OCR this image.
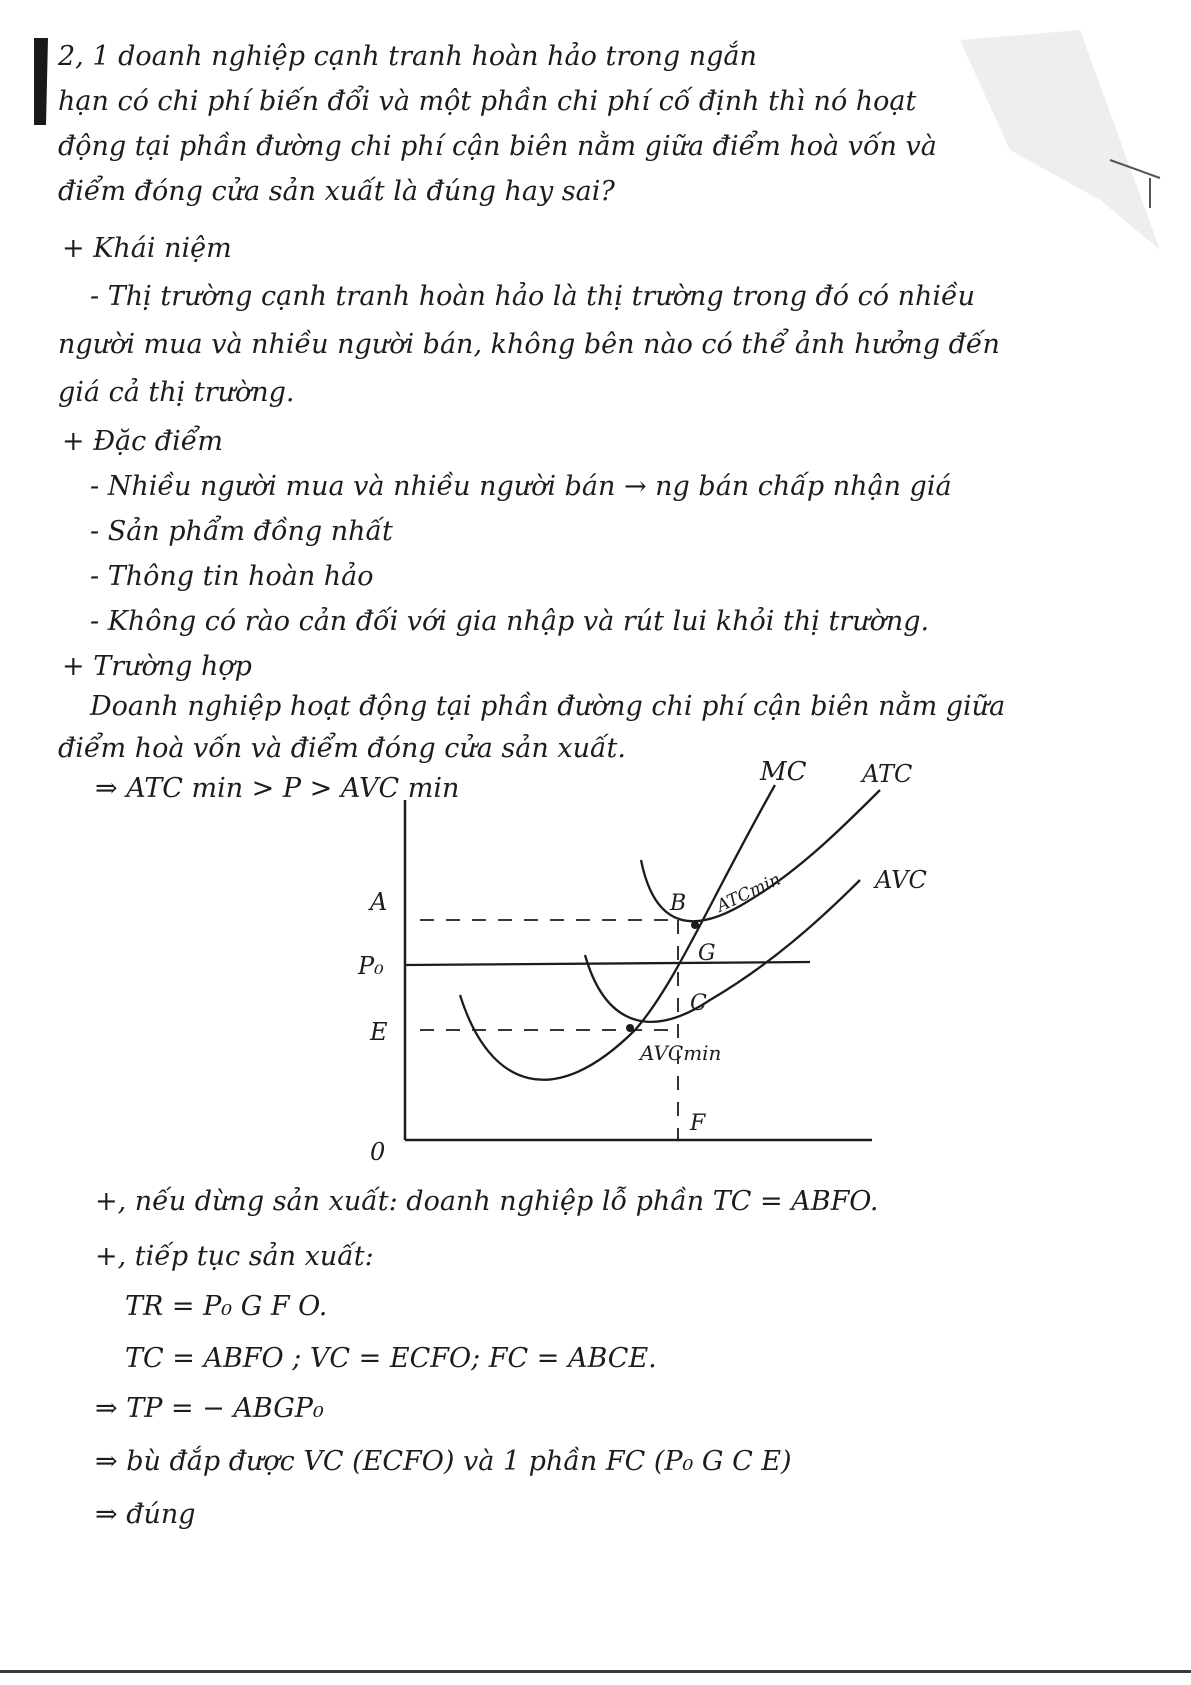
2, 1 doanh nghiệp cạnh tranh hoàn hảo trong ngắn

hạn có chi phí biến đổi và một phần chi phí cố định thì nó hoạt

động tại phần đường chi phí cận biên nằm giữa điểm hoà vốn và

điểm đóng cửa sản xuất là đúng hay sai?

+ Khái niệm

- Thị trường cạnh tranh hoàn hảo là thị trường trong đó có nhiều

người mua và nhiều người bán, không bên nào có thể ảnh hưởng đến

giá cả thị trường.

+ Đặc điểm

- Nhiều người mua và nhiều người bán → ng bán chấp nhận giá

- Sản phẩm đồng nhất

- Thông tin hoàn hảo

- Không có rào cản đối với gia nhập và rút lui khỏi thị trường.

+ Trường hợp

Doanh nghiệp hoạt động tại phần đường chi phí cận biên nằm giữa

điểm hoà vốn và điểm đóng cửa sản xuất.

⇒ ATC min > P > AVC min

MC ATC
AVC
A
P₀
E
0
B
G
C
F
ATCmin
AVCmin

+, nếu dừng sản xuất: doanh nghiệp lỗ phần TC = ABFO.

+, tiếp tục sản xuất:

TR = P₀ G F O.

TC = ABFO ; VC = ECFO; FC = ABCE.

⇒ TP = − ABGP₀

⇒ bù đắp được VC (ECFO) và 1 phần FC (P₀ G C E)

⇒ đúng
